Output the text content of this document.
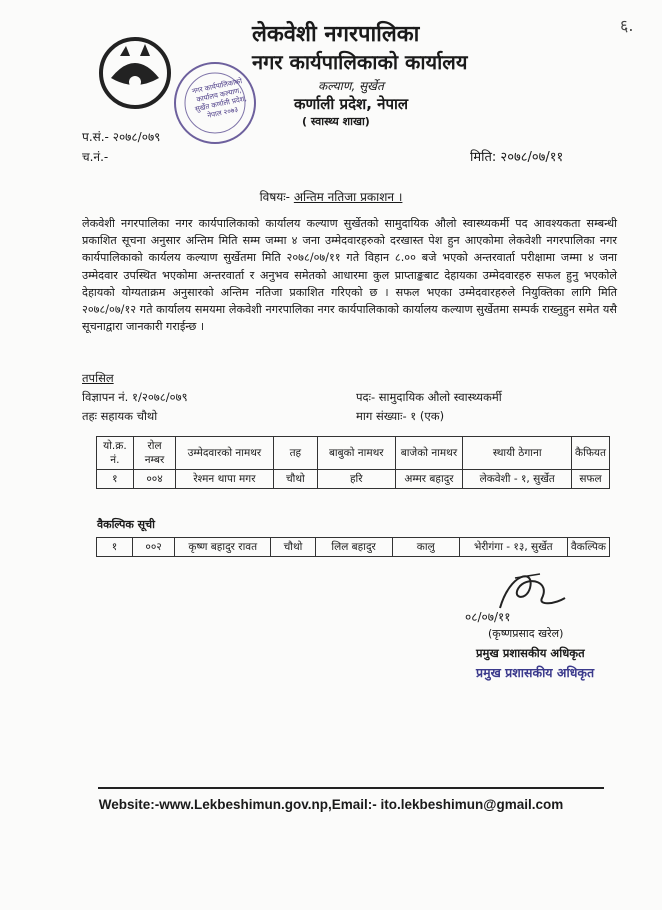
नगर कार्यपालिकाको कार्यालय कल्याण, सुर्खेत कर्णाली प्रदेश, नेपाल २०७३
६.
लेकवेशी नगरपालिका
नगर कार्यपालिकाको कार्यालय
कल्याण, सुर्खेत
कर्णाली प्रदेश, नेपाल
( स्वास्थ्य शाखा)
प.सं.- २०७८/०७९
च.नं.-	मिति: २०७८/०७/११
विषयः- अन्तिम नतिजा प्रकाशन ।
लेकवेशी नगरपालिका नगर कार्यपालिकाको कार्यालय कल्याण सुर्खेतको सामुदायिक औलो स्वास्थ्यकर्मी पद आवश्यकता सम्बन्धी प्रकाशित सूचना अनुसार अन्तिम मिति सम्म जम्मा ४ जना उम्मेदवारहरुको दरखास्त पेश हुन आएकोमा लेकवेशी नगरपालिका नगर कार्यपालिकाको कार्यलय कल्याण सुर्खेतमा मिति २०७८/०७/११ गते विहान ८.०० बजे भएको अन्तरवार्ता परीक्षामा जम्मा ४ जना उम्मेदवार उपस्थित भएकोमा अन्तरवार्ता र अनुभव समेतको आधारमा कुल प्राप्ताङ्कबाट देहायका उम्मेदवारहरु सफल हुनु भएकोले देहायको योग्यताक्रम अनुसारको अन्तिम नतिजा प्रकाशित गरिएको छ । सफल भएका उम्मेदवारहरुले नियुक्तिका लागि मिति २०७८/०७/१२ गते कार्यालय समयमा लेकवेशी नगरपालिका नगर कार्यपालिकाको कार्यालय कल्याण सुर्खेतमा सम्पर्क राख्नुहुन समेत यसै सूचनाद्वारा जानकारी गराईन्छ ।
तपसिल
विज्ञापन नं. १/२०७८/०७९
तहः सहायक चौथो
पदः- सामुदायिक औलो स्वास्थ्यकर्मी
माग संख्याः- १ (एक)
यो.क्र. नं.	रोल नम्बर	उम्मेदवारको नामथर	तह	बाबुको नामथर	बाजेको नामथर	स्थायी ठेगाना	कैफियत
१	००४	रेश्मन थापा मगर	चौथो	हरि	अम्मर बहादुर	लेकवेशी - १, सुर्खेत	सफल
वैकल्पिक सूची
१	००२	कृष्ण बहादुर रावत	चौथो	लिल बहादुर	कालु	भेरीगंगा - १३, सुर्खेत	वैकल्पिक
०८/०७/११
(कृष्णप्रसाद खरेल)
प्रमुख प्रशासकीय अधिकृत
प्रमुख प्रशासकीय अधिकृत
Website:-www.Lekbeshimun.gov.np,Email:- ito.lekbeshimun@gmail.com
